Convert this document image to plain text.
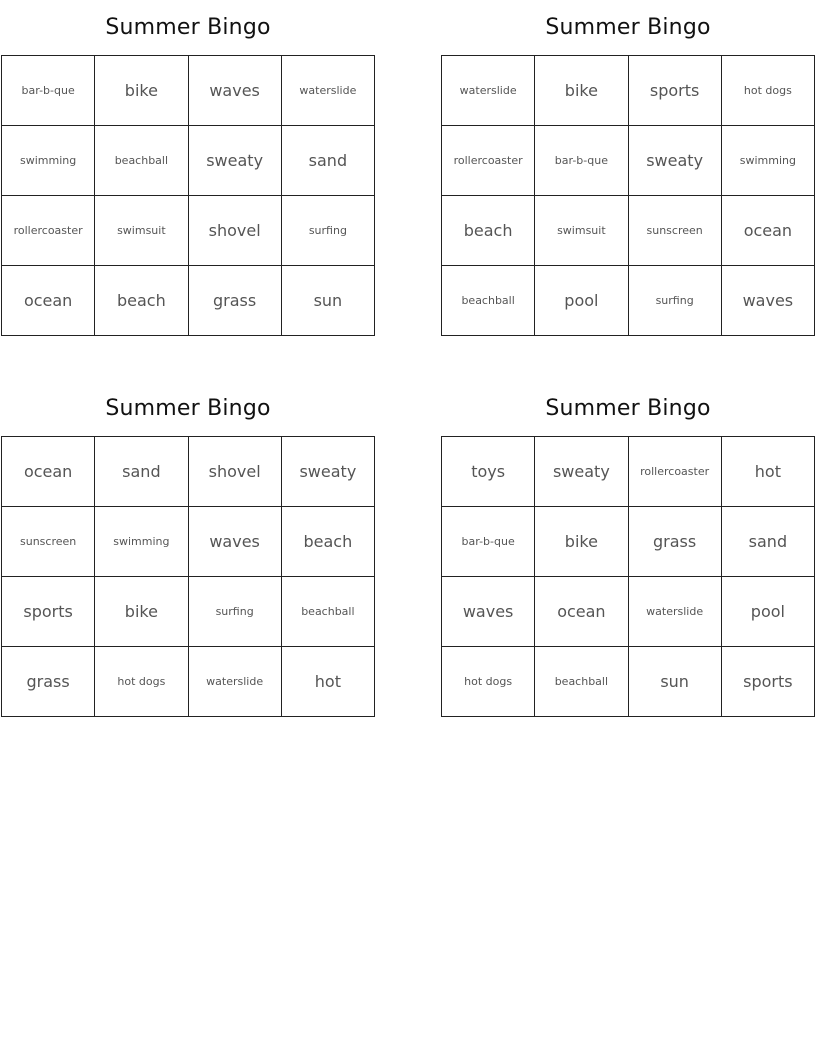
Summer Bingo
bar-b-que	bike	waves	waterslide
swimming	beachball	sweaty	sand
rollercoaster	swimsuit	shovel	surfing
ocean	beach	grass	sun
Summer Bingo
waterslide	bike	sports	hot dogs
rollercoaster	bar-b-que	sweaty	swimming
beach	swimsuit	sunscreen	ocean
beachball	pool	surfing	waves
Summer Bingo
ocean	sand	shovel	sweaty
sunscreen	swimming	waves	beach
sports	bike	surfing	beachball
grass	hot dogs	waterslide	hot
Summer Bingo
toys	sweaty	rollercoaster	hot
bar-b-que	bike	grass	sand
waves	ocean	waterslide	pool
hot dogs	beachball	sun	sports
